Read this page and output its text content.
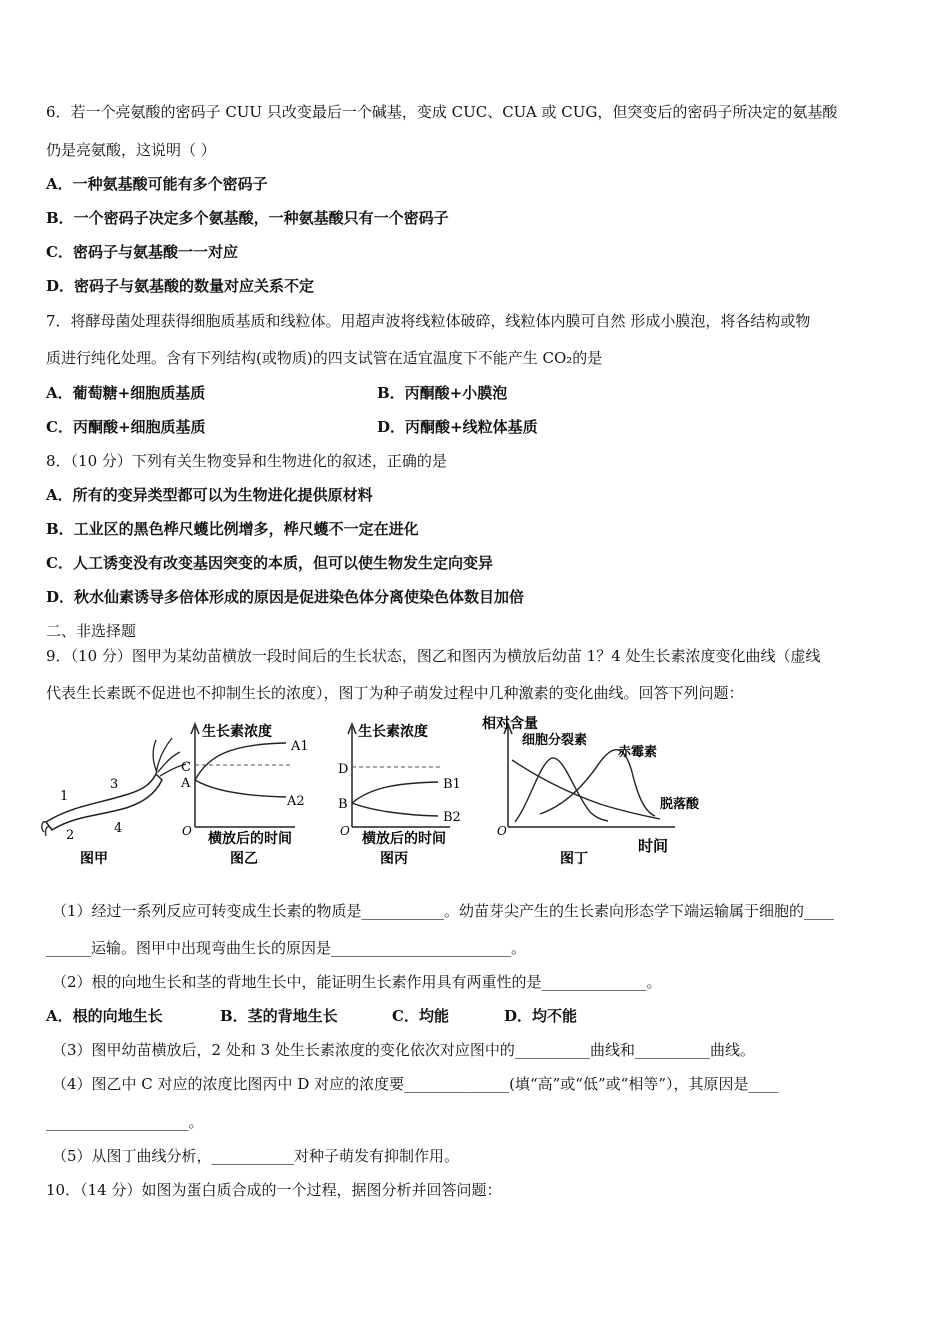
6．若一个亮氨酸的密码子 CUU 只改变最后一个碱基，变成 CUC、CUA 或 CUG，但突变后的密码子所决定的氨基酸
仍是亮氨酸，这说明（ ）
A．一种氨基酸可能有多个密码子
B．一个密码子决定多个氨基酸，一种氨基酸只有一个密码子
C．密码子与氨基酸一一对应
D．密码子与氨基酸的数量对应关系不定
7．将酵母菌处理获得细胞质基质和线粒体。用超声波将线粒体破碎，线粒体内膜可自然 形成小膜泡，将各结构或物
质进行纯化处理。含有下列结构(或物质)的四支试管在适宜温度下不能产生 CO₂的是
A．葡萄糖+细胞质基质	B．丙酮酸+小膜泡
C．丙酮酸+细胞质基质	D．丙酮酸+线粒体基质
8．（10 分）下列有关生物变异和生物进化的叙述，正确的是
A．所有的变异类型都可以为生物进化提供原材料
B．工业区的黑色桦尺蠖比例增多，桦尺蠖不一定在进化
C．人工诱变没有改变基因突变的本质，但可以使生物发生定向变异
D．秋水仙素诱导多倍体形成的原因是促进染色体分离使染色体数目加倍
二、非选择题
9．（10 分）图甲为某幼苗横放一段时间后的生长状态，图乙和图丙为横放后幼苗 1？4 处生长素浓度变化曲线（虚线
代表生长素既不促进也不抑制生长的浓度），图丁为种子萌发过程中几种激素的变化曲线。回答下列问题：
1
2
3
4
图甲
生长素浓度
C
A
A1
A2
O 横放后的时间
图乙
生长素浓度
D
B
B1
B2
O 横放后的时间
图丙
相对含量
细胞分裂素
赤霉素
脱落酸
O
时间
图丁
（1）经过一系列反应可转变成生长素的物质是___________。幼苗芽尖产生的生长素向形态学下端运输属于细胞的____
______运输。图甲中出现弯曲生长的原因是________________________。
（2）根的向地生长和茎的背地生长中，能证明生长素作用具有两重性的是______________。
A．根的向地生长	B．茎的背地生长	C．均能	D．均不能
（3）图甲幼苗横放后，2 处和 3 处生长素浓度的变化依次对应图中的__________曲线和__________曲线。
（4）图乙中 C 对应的浓度比图丙中 D 对应的浓度要______________(填“高”或“低”或“相等”），其原因是____
___________________。
（5）从图丁曲线分析，___________对种子萌发有抑制作用。
10．（14 分）如图为蛋白质合成的一个过程，据图分析并回答问题：
